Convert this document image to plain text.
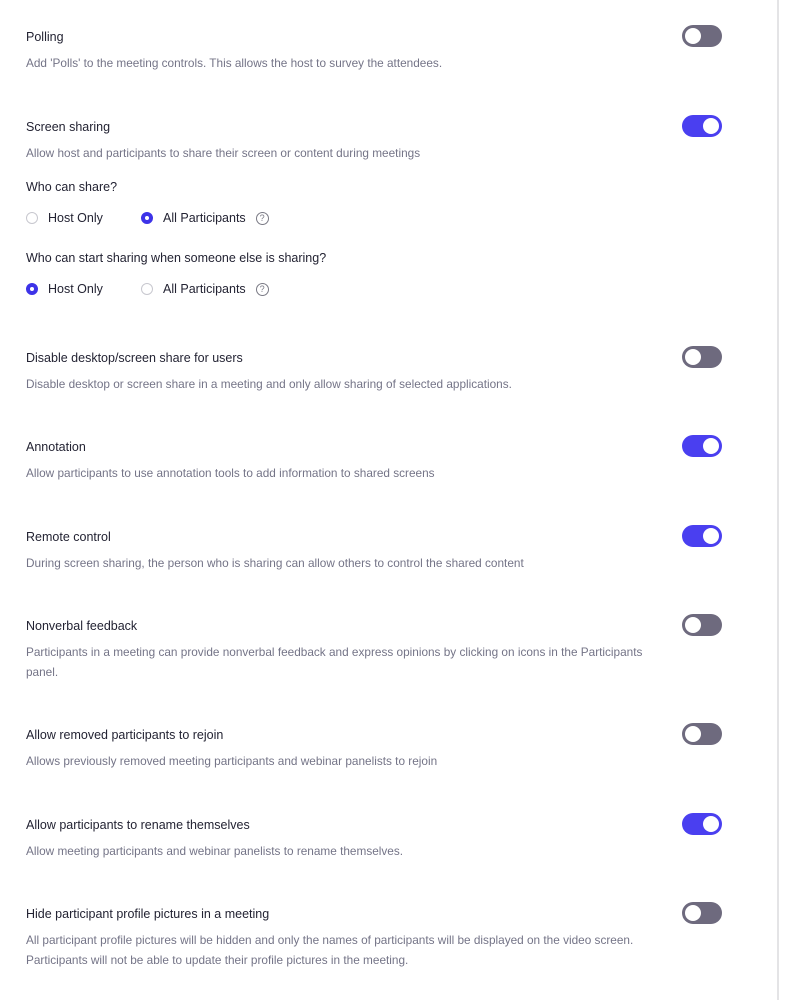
Polling
Add 'Polls' to the meeting controls. This allows the host to survey the attendees.
Screen sharing
Allow host and participants to share their screen or content during meetings
Disable desktop/screen share for users
Disable desktop or screen share in a meeting and only allow sharing of selected applications.
Annotation
Allow participants to use annotation tools to add information to shared screens
Remote control
During screen sharing, the person who is sharing can allow others to control the shared content
Nonverbal feedback
Participants in a meeting can provide nonverbal feedback and express opinions by clicking on icons in the Participants panel.
Allow removed participants to rejoin
Allows previously removed meeting participants and webinar panelists to rejoin
Allow participants to rename themselves
Allow meeting participants and webinar panelists to rename themselves.
Hide participant profile pictures in a meeting
All participant profile pictures will be hidden and only the names of participants will be displayed on the video screen. Participants will not be able to update their profile pictures in the meeting.
Who can share?
Who can start sharing when someone else is sharing?
Host Only	All Participants	?
Host Only	All Participants	?
